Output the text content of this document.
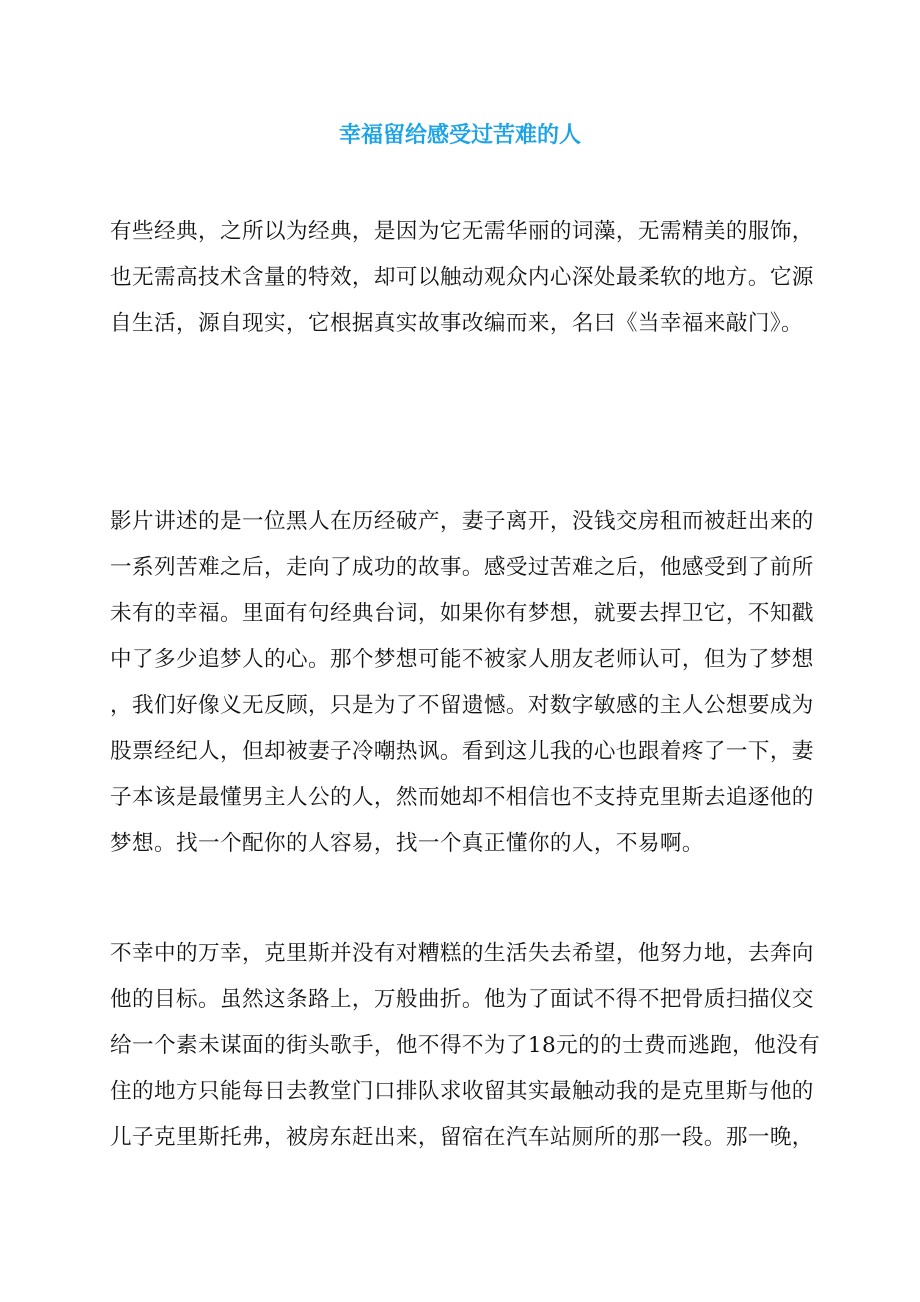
幸福留给感受过苦难的人
有些经典，之所以为经典，是因为它无需华丽的词藻，无需精美的服饰，
也无需高技术含量的特效，却可以触动观众内心深处最柔软的地方。它源
自生活，源自现实，它根据真实故事改编而来，名曰《当幸福来敲门》。
影片讲述的是一位黑人在历经破产，妻子离开，没钱交房租而被赶出来的
一系列苦难之后，走向了成功的故事。感受过苦难之后，他感受到了前所
未有的幸福。里面有句经典台词，如果你有梦想，就要去捍卫它，不知戳
中了多少追梦人的心。那个梦想可能不被家人朋友老师认可，但为了梦想
，我们好像义无反顾，只是为了不留遗憾。对数字敏感的主人公想要成为
股票经纪人，但却被妻子冷嘲热讽。看到这儿我的心也跟着疼了一下，妻
子本该是最懂男主人公的人，然而她却不相信也不支持克里斯去追逐他的
梦想。找一个配你的人容易，找一个真正懂你的人，不易啊。
不幸中的万幸，克里斯并没有对糟糕的生活失去希望，他努力地，去奔向
他的目标。虽然这条路上，万般曲折。他为了面试不得不把骨质扫描仪交
给一个素未谋面的街头歌手，他不得不为了18元的的士费而逃跑，他没有
住的地方只能每日去教堂门口排队求收留其实最触动我的是克里斯与他的
儿子克里斯托弗，被房东赶出来，留宿在汽车站厕所的那一段。那一晚，
